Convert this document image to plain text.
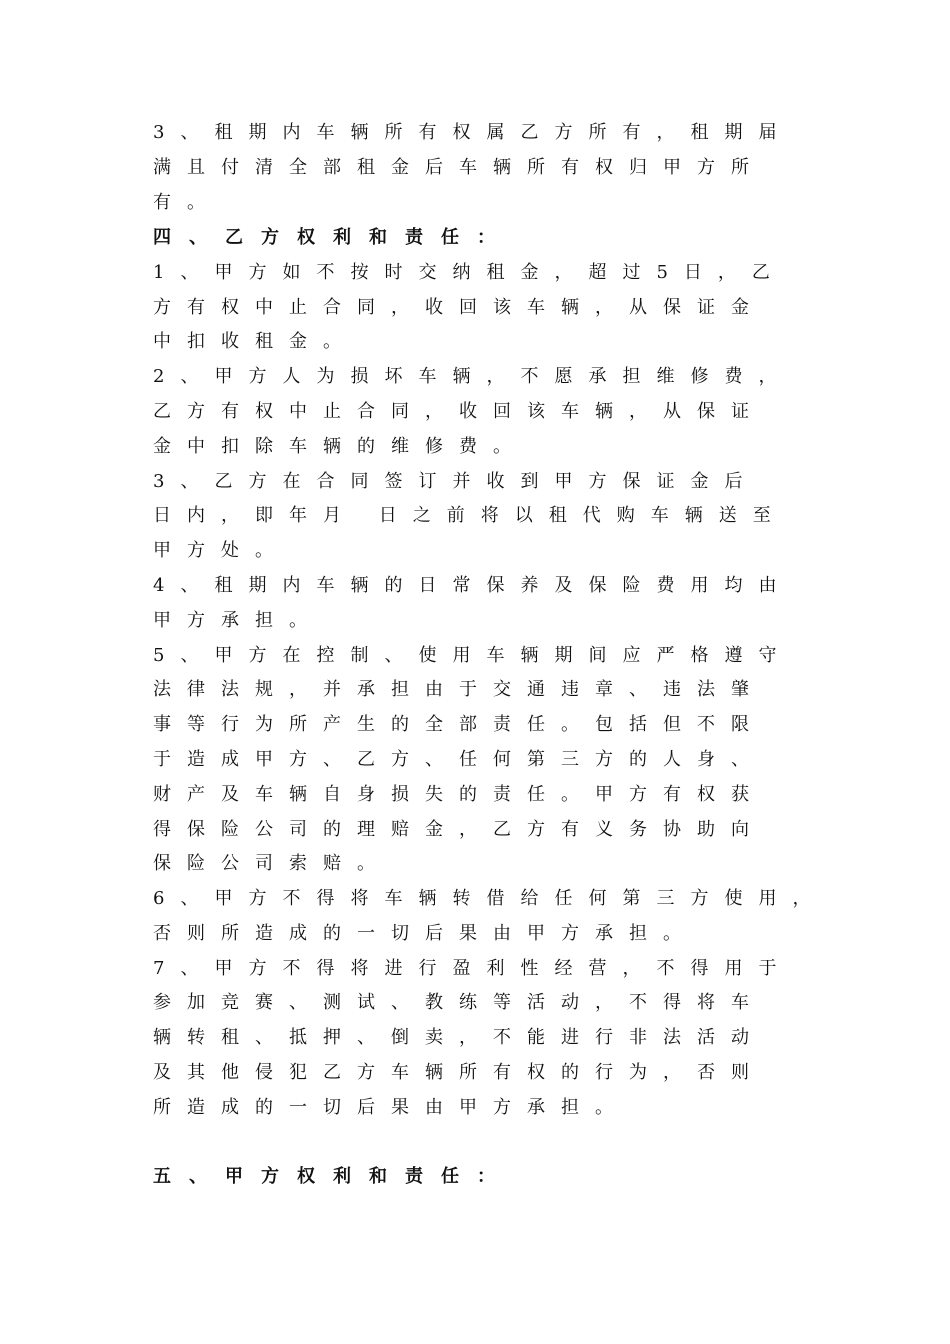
3、租期内车辆所有权属乙方所有，租期届
满且付清全部租金后车辆所有权归甲方所
有。
四、乙方权利和责任：
1、甲方如不按时交纳租金，超过5日，乙
方有权中止合同，收回该车辆，从保证金
中扣收租金。
2、甲方人为损坏车辆，不愿承担维修费，
乙方有权中止合同，收回该车辆，从保证
金中扣除车辆的维修费。
3、乙方在合同签订并收到甲方保证金后
日内，即年月 日之前将以租代购车辆送至
甲方处。
4、租期内车辆的日常保养及保险费用均由
甲方承担。
5、甲方在控制、使用车辆期间应严格遵守
法律法规，并承担由于交通违章、违法肇
事等行为所产生的全部责任。包括但不限
于造成甲方、乙方、任何第三方的人身、
财产及车辆自身损失的责任。甲方有权获
得保险公司的理赔金，乙方有义务协助向
保险公司索赔。
6、甲方不得将车辆转借给任何第三方使用，
否则所造成的一切后果由甲方承担。
7、甲方不得将进行盈利性经营，不得用于
参加竞赛、测试、教练等活动，不得将车
辆转租、抵押、倒卖，不能进行非法活动
及其他侵犯乙方车辆所有权的行为，否则
所造成的一切后果由甲方承担。
五、甲方权利和责任：
